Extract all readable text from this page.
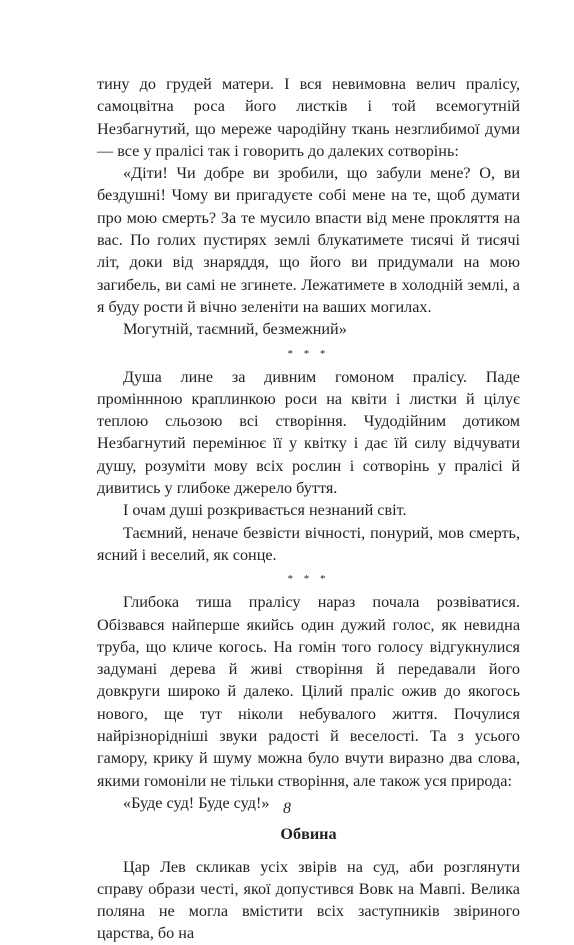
тину до грудей матери. І вся невимовна велич пралісу, самоцвітна роса його листків і той всемогутній Незбагнутий, що мереже чародійну ткань незглибимої думи — все у пралісі так і говорить до далеких сотворінь:

«Діти! Чи добре ви зробили, що забули мене? О, ви бездушні! Чому ви пригадуєте собі мене на те, щоб думати про мою смерть? За те мусило впасти від мене прокляття на вас. По голих пустирях землі блукатимете тисячі й тисячі літ, доки від знаряддя, що його ви придумали на мою загибель, ви самі не згинете. Лежатимете в холодній землі, а я буду рости й вічно зеленіти на ваших могилах.

Могутній, таємний, безмежний»

* * *

Душа лине за дивним гомоном пралісу. Паде проміннною краплинкою роси на квіти і листки й цілує теплою сльозою всі створіння. Чудодійним дотиком Незбагнутий перемінює її у квітку і дає їй силу відчувати душу, розуміти мову всіх рослин і сотворінь у пралісі й дивитись у глибоке джерело буття.

І очам душі розкривається незнаний світ.

Таємний, неначе безвісти вічності, понурий, мов смерть, ясний і веселий, як сонце.

* * *

Глибока тиша пралісу нараз почала розвіватися. Обізвався найперше якийсь один дужий голос, як невидна труба, що кличе когось. На гомін того голосу відгукнулися задумані дерева й живі створіння й передавали його довкруги широко й далеко. Цілий праліс ожив до якогось нового, ще тут ніколи небувалого життя. Почулися найрізнорідніші звуки радості й веселості. Та з усього гамору, крику й шуму можна було вчути виразно два слова, якими гомоніли не тільки створіння, але також уся природа:

«Буде суд! Буде суд!»

Обвина

Цар Лев скликав усіх звірів на суд, аби розглянути справу образи честі, якої допустився Вовк на Мавпі. Велика поляна не могла вмістити всіх заступників звіриного царства, бо на

8
